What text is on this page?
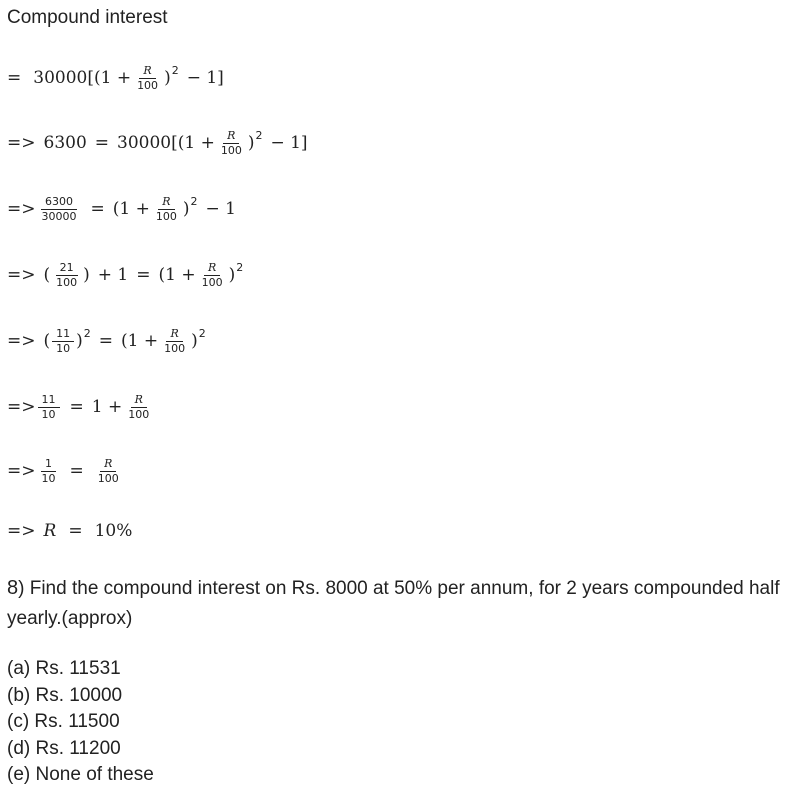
Compound interest
= $30000[(1 + \frac{R}{100} )^2 - 1]$
=> $6300 = 30000[(1 + \frac{R}{100} )^2 - 1]$
=> $\frac{6300}{30000} = (1 + \frac{R}{100} )^2 - 1$
=> ( $\frac{21}{100}$ ) + $1 = (1 + \frac{R}{100} )^2$
=> ( $\frac{11}{10} )^2 = (1 + \frac{R}{100} )^2$
=> $\frac{11}{10} = 1 + \frac{R}{100}$
=> $\frac{1}{10} = \frac{R}{100}$
=> R = 10%
8) Find the compound interest on Rs. 8000 at 50% per annum, for 2 years compounded half yearly.(approx)
(a) Rs. 11531
(b) Rs. 10000
(c) Rs. 11500
(d) Rs. 11200
(e) None of these
